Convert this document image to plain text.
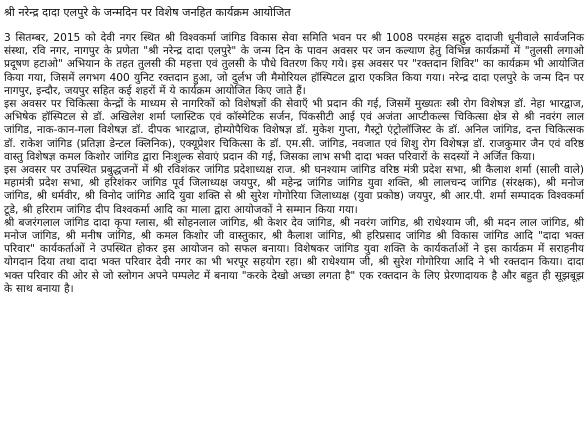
श्री नरेन्द्र दादा एलपुरे के जन्मदिन पर विशेष जनहित कार्यक्रम आयोजित

3 सितम्बर, 2015 को देवी नगर स्थित श्री विश्वकर्मा जांगिड विकास सेवा समिति भवन पर श्री 1008 परमहंस सद्गुरु दादाजी धूनीवाले सार्वजनिक संस्था, रवि नगर, नागपुर के प्रणेता "श्री नरेन्द्र दादा एलपुरे" के जन्म दिन के पावन अवसर पर जन कल्याण हेतु विभिन्न कार्यक्रमों में "तुलसी लगाओ प्रदूषण हटाओ" अभियान के तहत तुलसी की महत्ता एवं तुलसी के पौधे वितरण किए गये। इस अवसर पर "रक्तदान शिविर" का कार्यक्रम भी आयोजित किया गया, जिसमें लगभग 400 युनिट रक्तदान हुआ, जो दुर्लभ जी मैमोरियल हॉस्पिटल द्वारा एकत्रित किया गया। नरेन्द्र दादा एलपुरे के जन्म दिन पर नागपुर, इन्दौर, जयपुर सहित कई शहरों में ये कार्यक्रम आयोजित किए जाते हैं।

इस अवसर पर चिकित्सा केन्द्रों के माध्यम से नागरिकों को विशेषज्ञों की सेवाएँ भी प्रदान की गई, जिसमें मुख्यतः स्त्री रोग विशेषज्ञ डॉ. नेहा भारद्वाज, अभिषेक हॉस्पिटल से डॉ. अखिलेश शर्मा प्लास्टिक एवं कॉस्मेटिक सर्जन, पिंकसीटी आई एवं अजंता आप्टीकल्स चिकित्सा क्षेत्र से श्री नवरंग लाल जांगिड, नाक-कान-गला विशेषज्ञ डॉ. दीपक भारद्वाज, होम्योपैथिक विशेषज्ञ डॉ. मुकेश गुप्ता, गैस्ट्रो एंट्रोलॉजिस्ट के डॉ. अनिल जांगिड, दन्त चिकित्सक डॉ. राकेश जांगिड (प्रतिज्ञा डेन्टल क्लिनिक), एक्यूप्रेशर चिकित्सा के डॉ. एम.सी. जांगिड, नवजात एवं शिशु रोग विशेषज्ञ डॉ. राजकुमार जैन एवं वरिष्ठ वास्तु विशेषज्ञ कमल किशोर जांगिड द्वारा निःशुल्क सेवाएं प्रदान की गई, जिसका लाभ सभी दादा भक्त परिवारों के सदस्यों ने अर्जित किया।

इस अवसर पर उपस्थित प्रबुद्धजनों में श्री रविशंकर जांगिड प्रदेशाध्यक्ष राज. श्री घनश्याम जांगिड वरिष्ठ मंत्री प्रदेश सभा, श्री कैलाश शर्मा (साली वाले) महामंत्री प्रदेश सभा, श्री हरिशंकर जांगिड पूर्व जिलाध्यक्ष जयपुर, श्री महेन्द्र जांगिड जांगिड युवा शक्ति, श्री लालचन्द जांगिड (संरक्षक), श्री मनोज जांगिड, श्री धर्मवीर, श्री विनोद जांगिड आदि युवा शक्ति से श्री सुरेश गोगोरिया जिलाध्यक्ष (युवा प्रकोष्ठ) जयपुर, श्री आर.पी. शर्मा सम्पादक विश्वकर्मा टूडे, श्री हरिराम जांगिड दीप विश्वकर्मा आदि का माला द्वारा आयोजकों ने सम्मान किया गया।

श्री बजरंगलाल जांगिड दादा कृपा ग्लास, श्री सोहनलाल जांगिड, श्री केशर देव जांगिड, श्री नवरंग जांगिड, श्री राधेश्याम जी, श्री मदन लाल जांगिड, श्री मनोज जांगिड, श्री मनीष जांगिड, श्री कमल किशोर जी वास्तुकार, श्री कैलाश जांगिड, श्री हरिप्रसाद जांगिड श्री विकास जांगिड आदि "दादा भक्त परिवार" कार्यकर्ताओं ने उपस्थित होकर इस आयोजन को सफल बनाया। विशेषकर जांगिड युवा शक्ति के कार्यकर्ताओं ने इस कार्यक्रम में सराहनीय योगदान दिया तथा दादा भक्त परिवार देवी नगर का भी भरपूर सहयोग रहा। श्री राधेश्याम जी, श्री सुरेश गोगोरिया आदि ने भी रक्तदान किया। दादा भक्त परिवार की ओर से जो स्लोगन अपने पम्पलेट में बनाया "करके देखो अच्छा लगता है" एक रक्तदान के लिए प्रेरणादायक है और बहुत ही सूझबूझ के साथ बनाया है।
